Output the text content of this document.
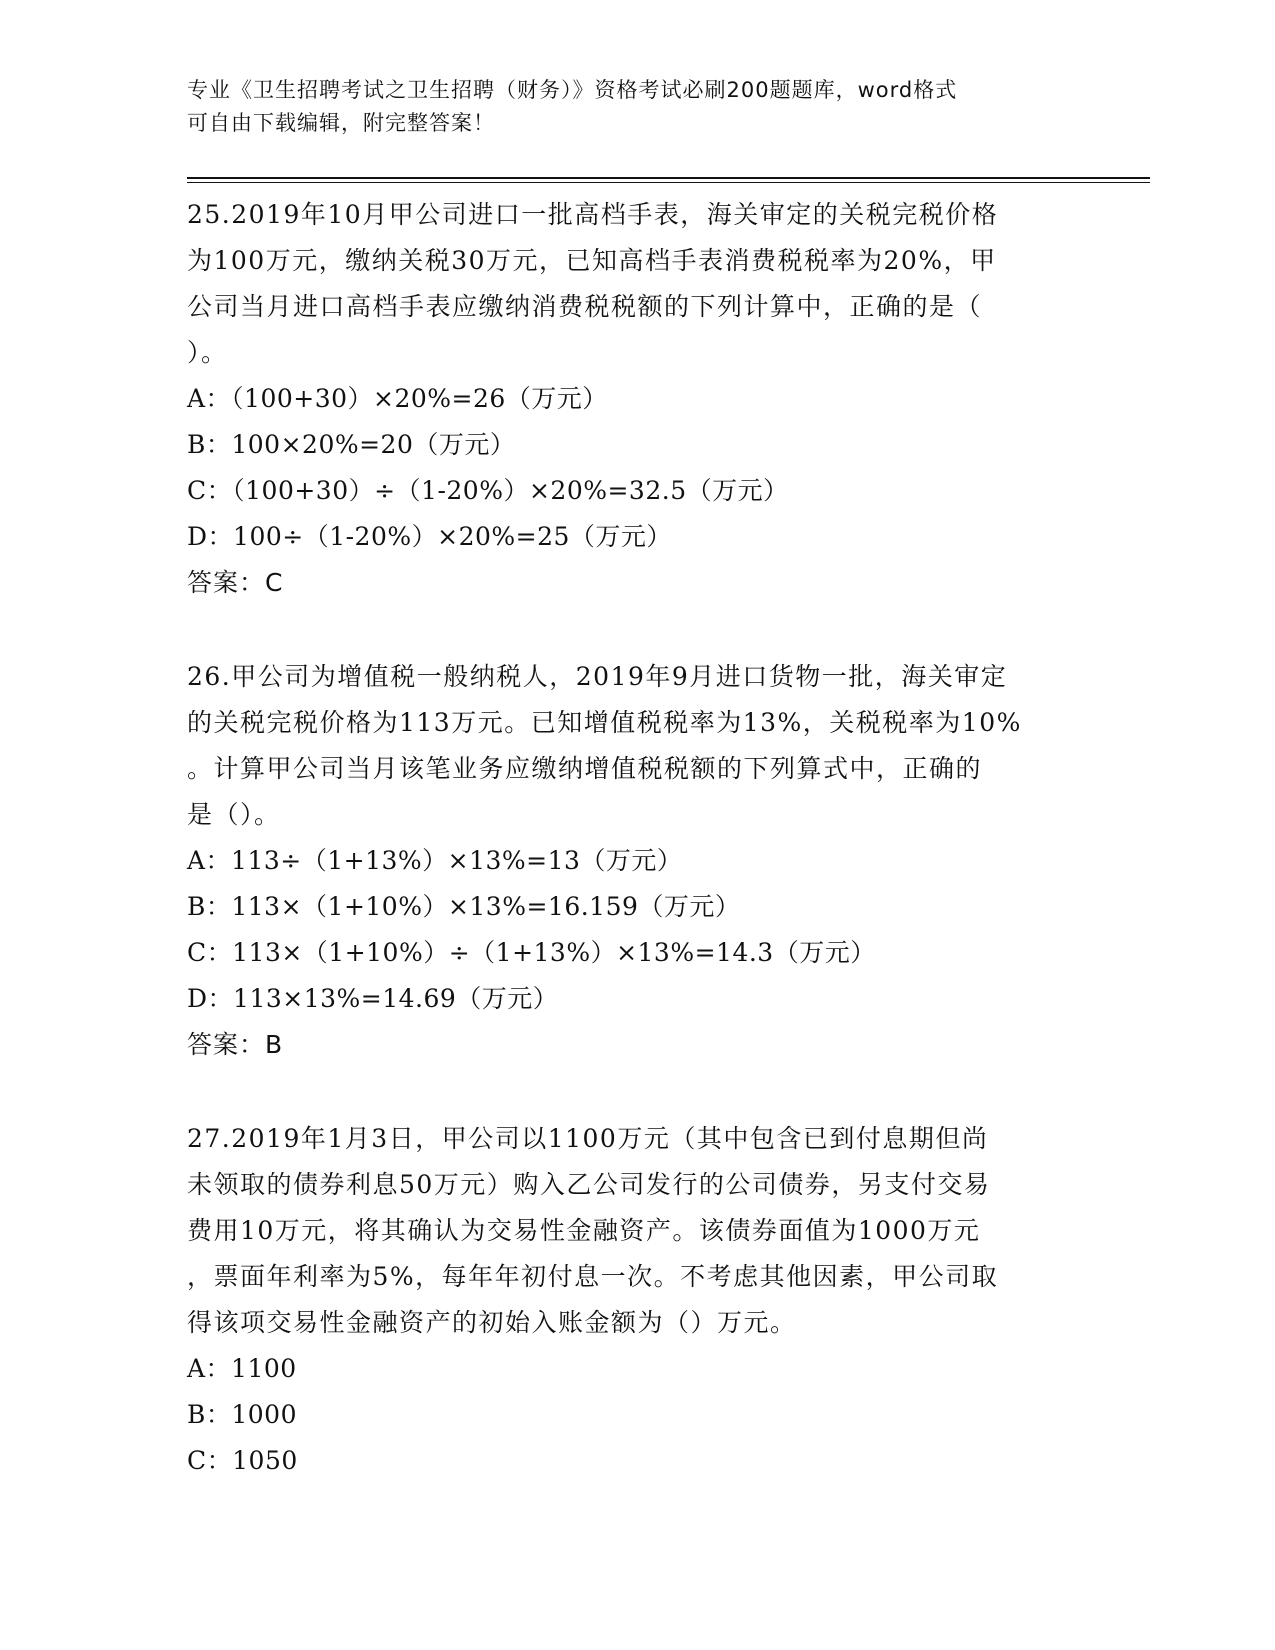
专业《卫生招聘考试之卫生招聘（财务）》资格考试必刷200题题库，word格式
可自由下载编辑，附完整答案！
25.2019年10月甲公司进口一批高档手表，海关审定的关税完税价格
为100万元，缴纳关税30万元，已知高档手表消费税税率为20%，甲
公司当月进口高档手表应缴纳消费税税额的下列计算中，正确的是（
）。
A：（100+30）×20%=26（万元）
B：100×20%=20（万元）
C：（100+30）÷（1-20%）×20%=32.5（万元）
D：100÷（1-20%）×20%=25（万元）
答案：C
26.甲公司为增值税一般纳税人，2019年9月进口货物一批，海关审定
的关税完税价格为113万元。已知增值税税率为13%，关税税率为10%
。计算甲公司当月该笔业务应缴纳增值税税额的下列算式中，正确的
是（）。
A：113÷（1+13%）×13%=13（万元）
B：113×（1+10%）×13%=16.159（万元）
C：113×（1+10%）÷（1+13%）×13%=14.3（万元）
D：113×13%=14.69（万元）
答案：B
27.2019年1月3日，甲公司以1100万元（其中包含已到付息期但尚
未领取的债券利息50万元）购入乙公司发行的公司债券，另支付交易
费用10万元，将其确认为交易性金融资产。该债券面值为1000万元
，票面年利率为5%，每年年初付息一次。不考虑其他因素，甲公司取
得该项交易性金融资产的初始入账金额为（）万元。
A：1100
B：1000
C：1050
